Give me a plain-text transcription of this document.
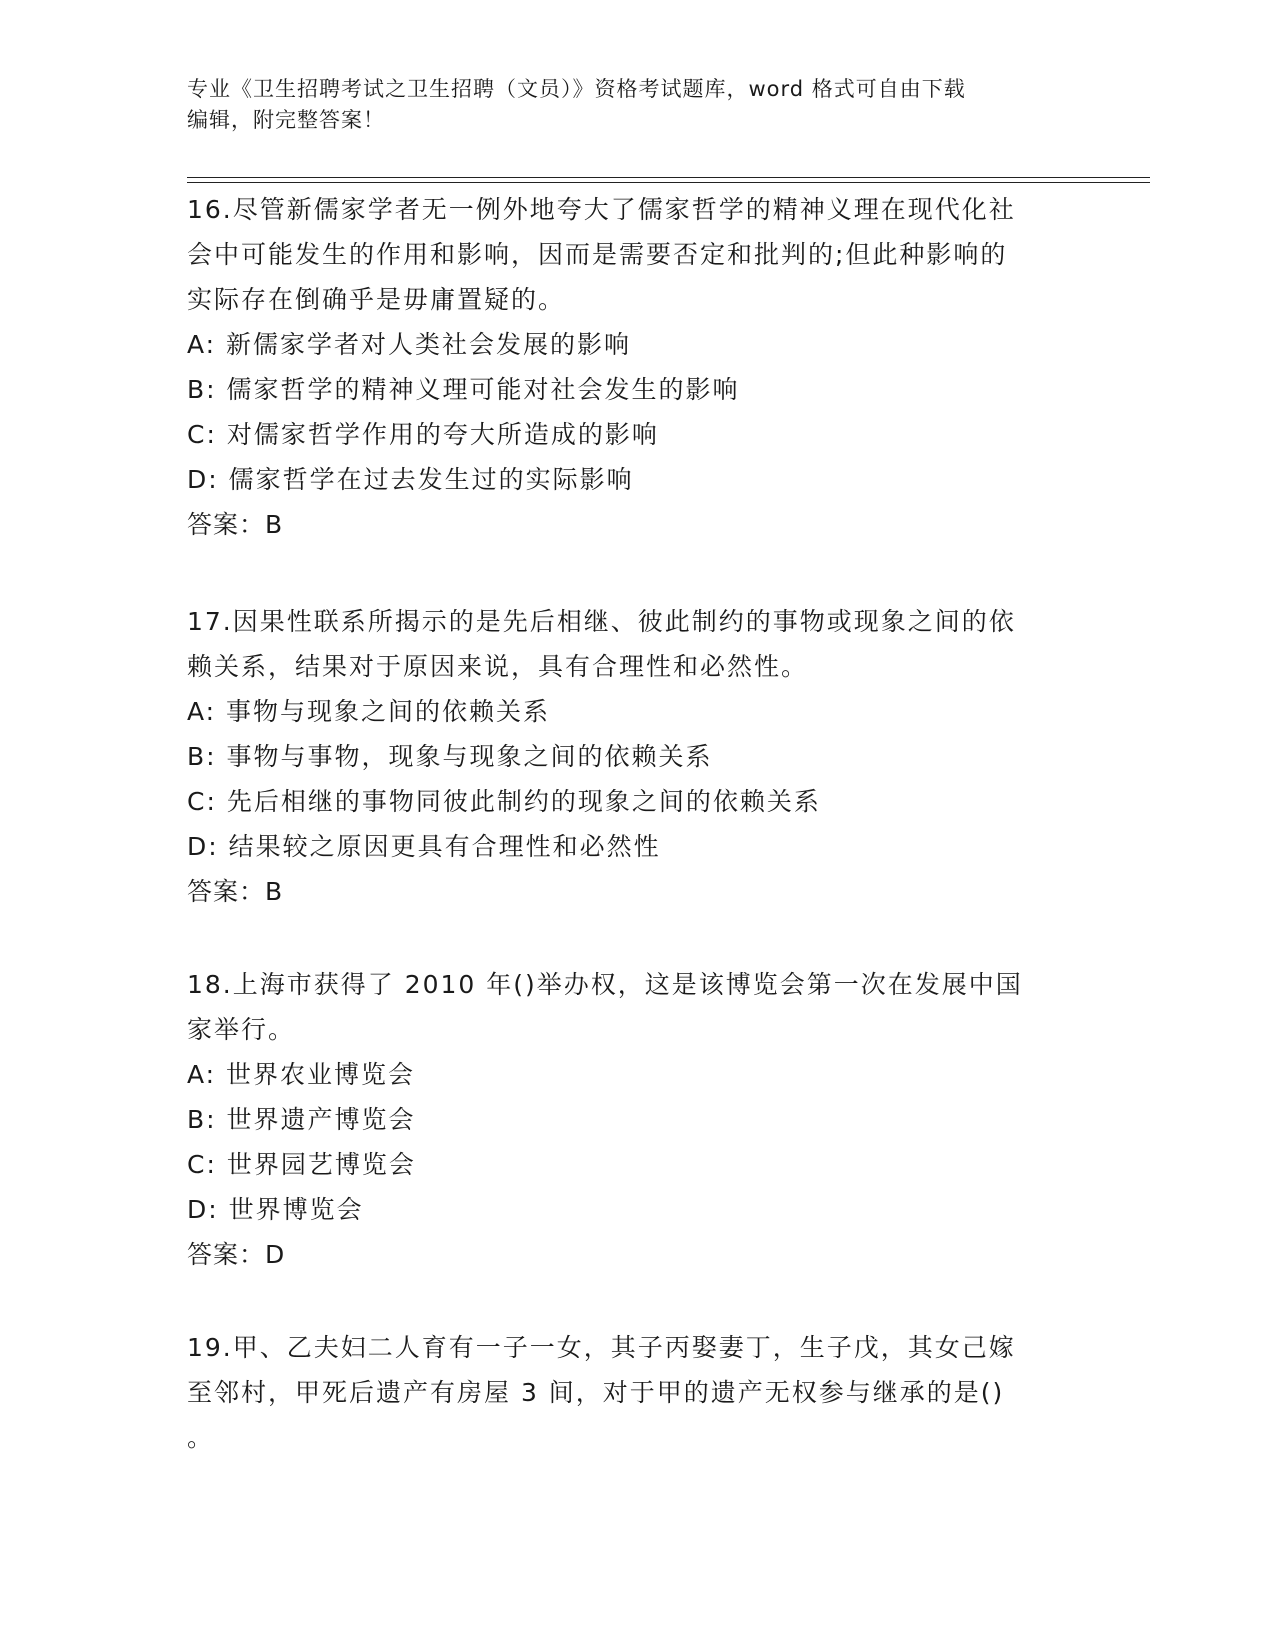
专业《卫生招聘考试之卫生招聘（文员）》资格考试题库，word 格式可自由下载
编辑，附完整答案！
16.尽管新儒家学者无一例外地夸大了儒家哲学的精神义理在现代化社
会中可能发生的作用和影响，因而是需要否定和批判的;但此种影响的
实际存在倒确乎是毋庸置疑的。
A: 新儒家学者对人类社会发展的影响
B: 儒家哲学的精神义理可能对社会发生的影响
C: 对儒家哲学作用的夸大所造成的影响
D: 儒家哲学在过去发生过的实际影响
答案：B
17.因果性联系所揭示的是先后相继、彼此制约的事物或现象之间的依
赖关系，结果对于原因来说，具有合理性和必然性。
A: 事物与现象之间的依赖关系
B: 事物与事物，现象与现象之间的依赖关系
C: 先后相继的事物同彼此制约的现象之间的依赖关系
D: 结果较之原因更具有合理性和必然性
答案：B
18.上海市获得了 2010 年()举办权，这是该博览会第一次在发展中国
家举行。
A: 世界农业博览会
B: 世界遗产博览会
C: 世界园艺博览会
D: 世界博览会
答案：D
19.甲、乙夫妇二人育有一子一女，其子丙娶妻丁，生子戊，其女己嫁
至邻村，甲死后遗产有房屋 3 间，对于甲的遗产无权参与继承的是()
。
